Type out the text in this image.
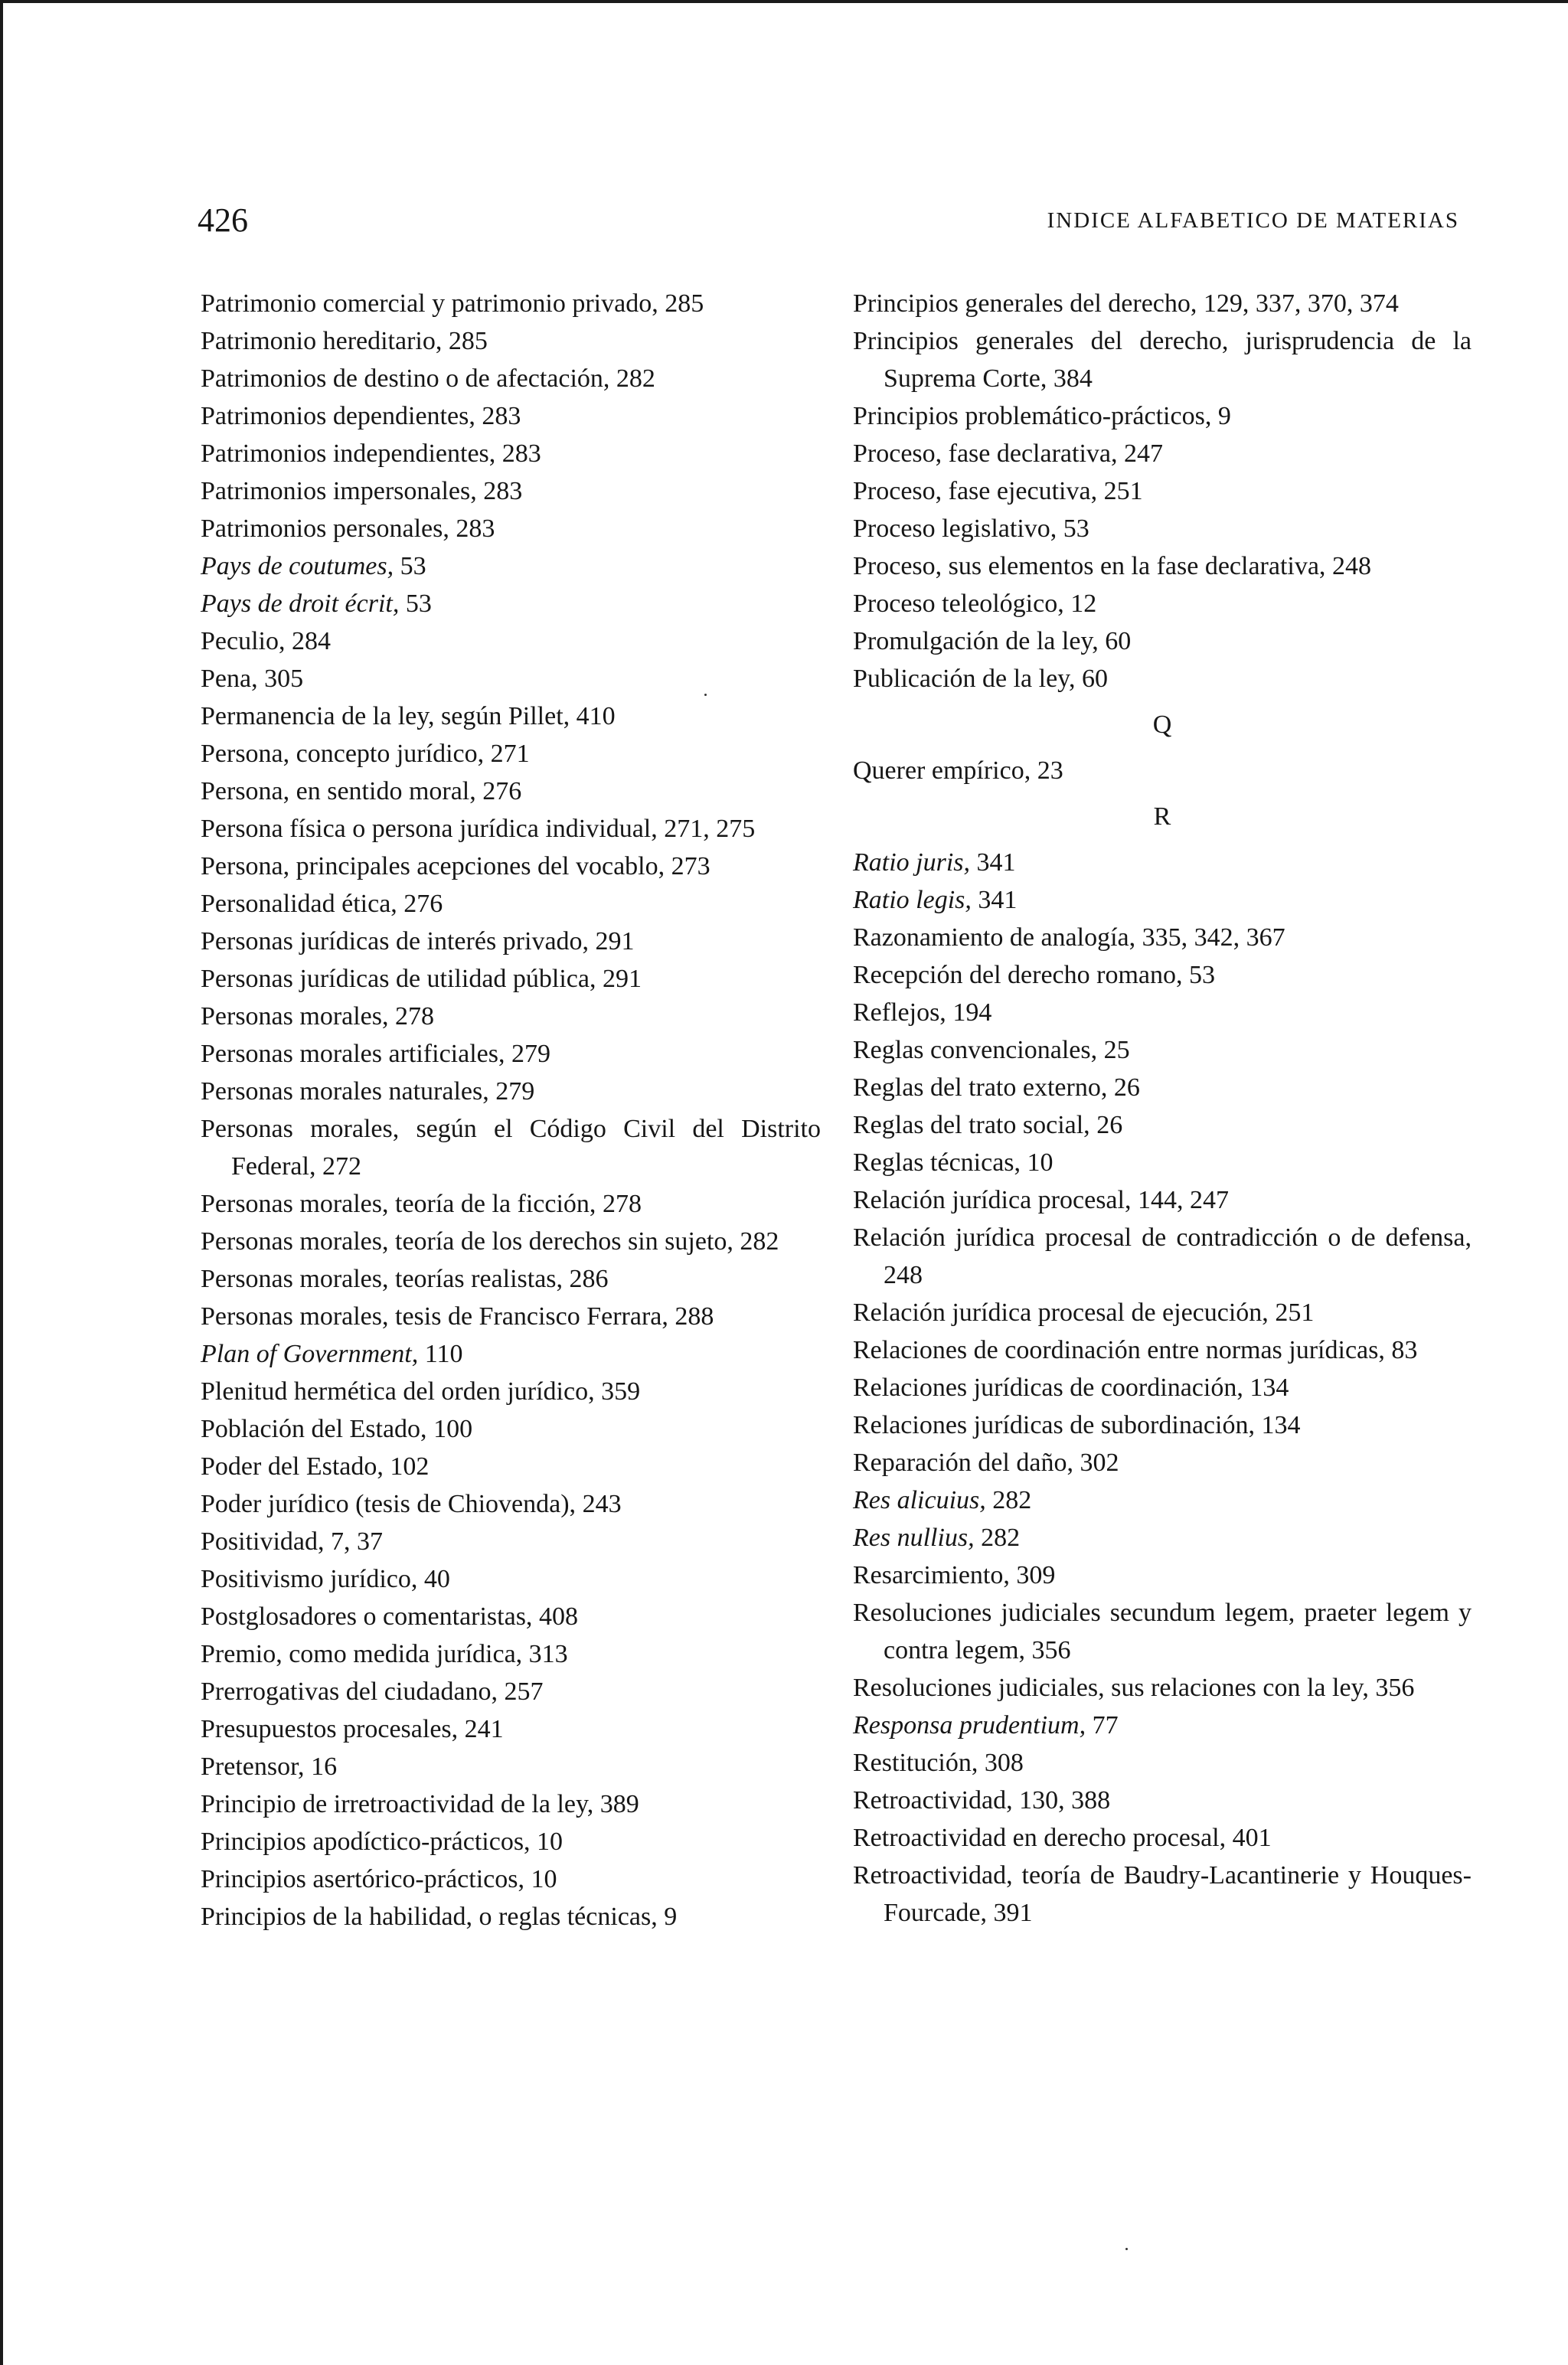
426	INDICE ALFABETICO DE MATERIAS

Patrimonio comercial y patrimonio privado, 285

Patrimonio hereditario, 285

Patrimonios de destino o de afectación, 282

Patrimonios dependientes, 283

Patrimonios independientes, 283

Patrimonios impersonales, 283

Patrimonios personales, 283

Pays de coutumes, 53

Pays de droit écrit, 53

Peculio, 284

Pena, 305

Permanencia de la ley, según Pillet, 410

Persona, concepto jurídico, 271

Persona, en sentido moral, 276

Persona física o persona jurídica individual, 271, 275

Persona, principales acepciones del vocablo, 273

Personalidad ética, 276

Personas jurídicas de interés privado, 291

Personas jurídicas de utilidad pública, 291

Personas morales, 278

Personas morales artificiales, 279

Personas morales naturales, 279

Personas morales, según el Código Civil del Distrito Federal, 272

Personas morales, teoría de la ficción, 278

Personas morales, teoría de los derechos sin sujeto, 282

Personas morales, teorías realistas, 286

Personas morales, tesis de Francisco Ferrara, 288

Plan of Government, 110

Plenitud hermética del orden jurídico, 359

Población del Estado, 100

Poder del Estado, 102

Poder jurídico (tesis de Chiovenda), 243

Positividad, 7, 37

Positivismo jurídico, 40

Postglosadores o comentaristas, 408

Premio, como medida jurídica, 313

Prerrogativas del ciudadano, 257

Presupuestos procesales, 241

Pretensor, 16

Principio de irretroactividad de la ley, 389

Principios apodíctico-prácticos, 10

Principios asertórico-prácticos, 10

Principios de la habilidad, o reglas técnicas, 9

Principios generales del derecho, 129, 337, 370, 374

Principios generales del derecho, jurisprudencia de la Suprema Corte, 384

Principios problemático-prácticos, 9

Proceso, fase declarativa, 247

Proceso, fase ejecutiva, 251

Proceso legislativo, 53

Proceso, sus elementos en la fase declarativa, 248

Proceso teleológico, 12

Promulgación de la ley, 60

Publicación de la ley, 60

Q

Querer empírico, 23

R

Ratio juris, 341

Ratio legis, 341

Razonamiento de analogía, 335, 342, 367

Recepción del derecho romano, 53

Reflejos, 194

Reglas convencionales, 25

Reglas del trato externo, 26

Reglas del trato social, 26

Reglas técnicas, 10

Relación jurídica procesal, 144, 247

Relación jurídica procesal de contradicción o de defensa, 248

Relación jurídica procesal de ejecución, 251

Relaciones de coordinación entre normas jurídicas, 83

Relaciones jurídicas de coordinación, 134

Relaciones jurídicas de subordinación, 134

Reparación del daño, 302

Res alicuius, 282

Res nullius, 282

Resarcimiento, 309

Resoluciones judiciales secundum legem, praeter legem y contra legem, 356

Resoluciones judiciales, sus relaciones con la ley, 356

Responsa prudentium, 77

Restitución, 308

Retroactividad, 130, 388

Retroactividad en derecho procesal, 401

Retroactividad, teoría de Baudry-Lacantinerie y Houques-Fourcade, 391
